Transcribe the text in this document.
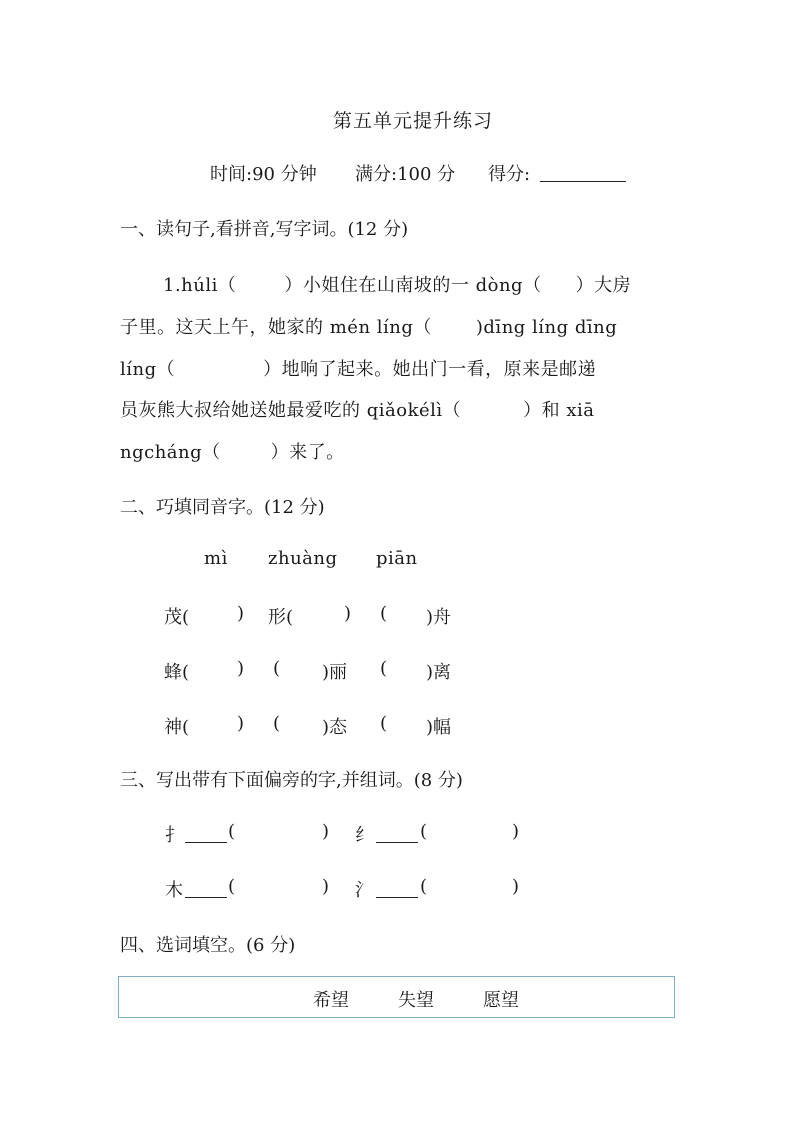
第五单元提升练习
时间:90 分钟 满分:100 分 得分:
一、读句子,看拼音,写字词。(12 分)
1.húli（	）小姐住在山南坡的一 dòng（ ）大房
子里。这天上午，她家的 mén líng（ )dīng líng dīng
líng（	）地响了起来。她出门一看，原来是邮递
员灰熊大叔给她送她最爱吃的 qiǎokélì（	）和 xiā
ngcháng（	）来了。
二、巧填同音字。(12 分)
mì zhuàng piān
茂(	) 形(	) ( )舟
蜂(	) ( )丽 ( )离
神(	) ( )态 ( )幅
三、写出带有下面偏旁的字,并组词。(8 分)
扌	(	) 纟	(	)
木	(	) 氵	(	)
四、选词填空。(6 分)
希望	失望	愿望
